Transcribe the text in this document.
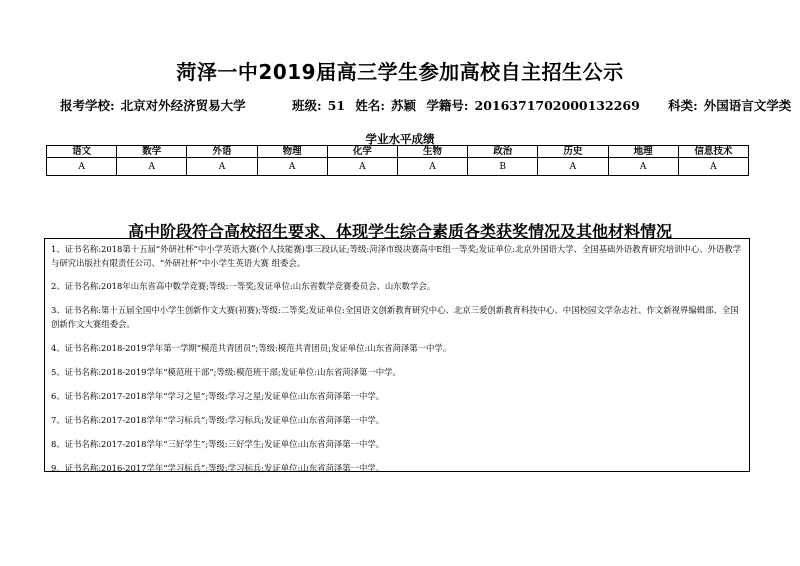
菏泽一中2019届高三学生参加高校自主招生公示
报考学校: 北京对外经济贸易大学	班级: 51 姓名: 苏颖 学籍号: 2016371702000132269 科类: 外国语言文学类
学业水平成绩
语文	数学	外语	物理	化学	生物	政治	历史	地理	信息技术
A	A	A	A	A	A	B	A	A	A
高中阶段符合高校招生要求、体现学生综合素质各类获奖情况及其他材料情况

1、证书名称:2018第十五届“外研社杯”中小学英语大赛(个人技能赛)事三段认证;等级:菏泽市级决赛高中E组一等奖;发证单位:北京外国语大学、全国基础外语教育研究培训中心、外语教学与研究出版社有限责任公司、“外研社杯”中小学生英语大赛 组委会。

2、证书名称:2018年山东省高中数学竞赛;等级:一等奖;发证单位:山东省数学竞赛委员会、山东数学会。

3、证书名称:第十五届全国中小学生创新作文大赛(初赛);等级:二等奖;发证单位:全国语文创新教育研究中心、北京三爱创新教育科技中心、中国校园文学杂志社、作文新视界编辑部、全国创新作文大赛组委会。

4、证书名称:2018-2019学年第一学期“模范共青团员”;等级:模范共青团员;发证单位:山东省菏泽第一中学。

5、证书名称:2018-2019学年“模范班干部”;等级:模范班干部;发证单位:山东省菏泽第一中学。

6、证书名称:2017-2018学年“学习之星”;等级:学习之星;发证单位:山东省菏泽第一中学。

7、证书名称:2017-2018学年“学习标兵”;等级:学习标兵;发证单位:山东省菏泽第一中学。

8、证书名称:2017-2018学年“三好学生”;等级:三好学生;发证单位:山东省菏泽第一中学。

9、证书名称:2016-2017学年“学习标兵”;等级:学习标兵;发证单位:山东省菏泽第一中学。
